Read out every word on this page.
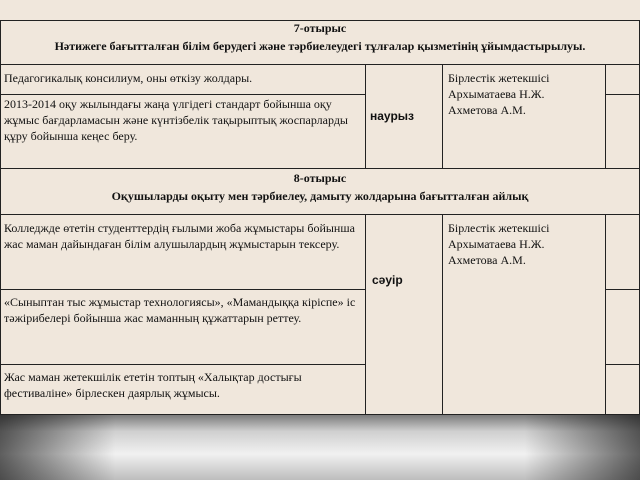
7-отырыс
Нәтижеге бағытталған білім берудегі және тәрбиелеудегі тұлғалар қызметінің ұйымдастырылуы.
Педагогикалық консилиум, оны өткізу жолдары.
2013-2014 оқу жылындағы жаңа үлгідегі стандарт бойынша оқу жұмыс бағдарламасын және күнтізбелік тақырыптық жоспарларды құру бойынша кеңес беру.
наурыз
Бірлестік жетекшісі
Архыматаева Н.Ж.
Ахметова А.М.
8-отырыс
Оқушыларды оқыту мен тәрбиелеу, дамыту жолдарына бағытталған айлық
Колледжде өтетін студенттердің ғылыми жоба жұмыстары бойынша жас маман дайындаған білім алушылардың жұмыстарын тексеру.
«Сыныптан тыс жұмыстар технологиясы», «Мамандыққа кіріспе» іс тәжірибелері бойынша жас маманның құжаттарын реттеу.
Жас маман жетекшілік ететін топтың «Халықтар достығы фестиваліне» бірлескен даярлық жұмысы.
сәуір
Бірлестік жетекшісі
Архыматаева Н.Ж.
Ахметова А.М.
